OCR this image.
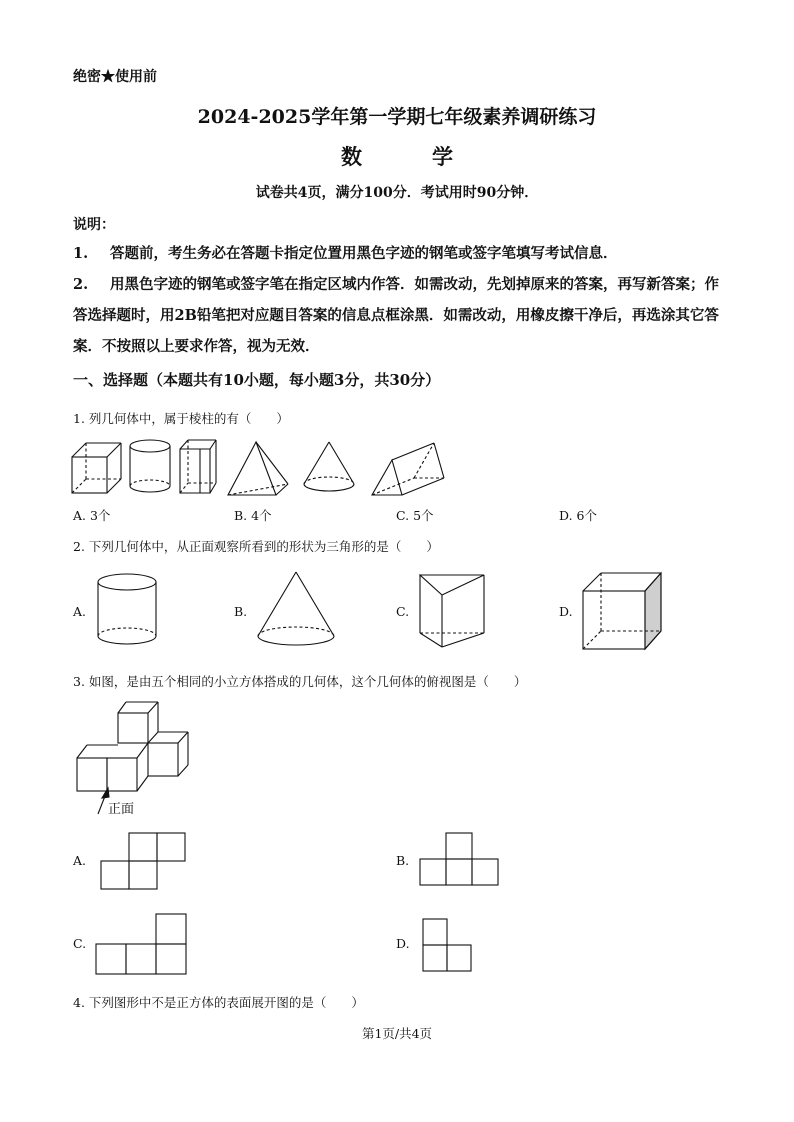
绝密★使用前
2024-2025学年第一学期七年级素养调研练习
数	学
试卷共4页，满分100分．考试用时90分钟．
说明：
1. 答题前，考生务必在答题卡指定位置用黑色字迹的钢笔或签字笔填写考试信息．
2. 用黑色字迹的钢笔或签字笔在指定区域内作答．如需改动，先划掉原来的答案，再写新答案；作答选择题时，用2B铅笔把对应题目答案的信息点框涂黑．如需改动，用橡皮擦干净后，再选涂其它答案．不按照以上要求作答，视为无效．
一、选择题（本题共有10小题，每小题3分，共30分）
1. 列几何体中，属于棱柱的有（　　）
A. 3个	B. 4个	C. 5个	D. 6个
2. 下列几何体中，从正面观察所看到的形状为三角形的是（　　）
A.	B.	C.	D.
3. 如图，是由五个相同的小立方体搭成的几何体，这个几何体的俯视图是（　　）
正面
A.	B.
C.	D.
4. 下列图形中不是正方体的表面展开图的是（　　）
第1页/共4页
